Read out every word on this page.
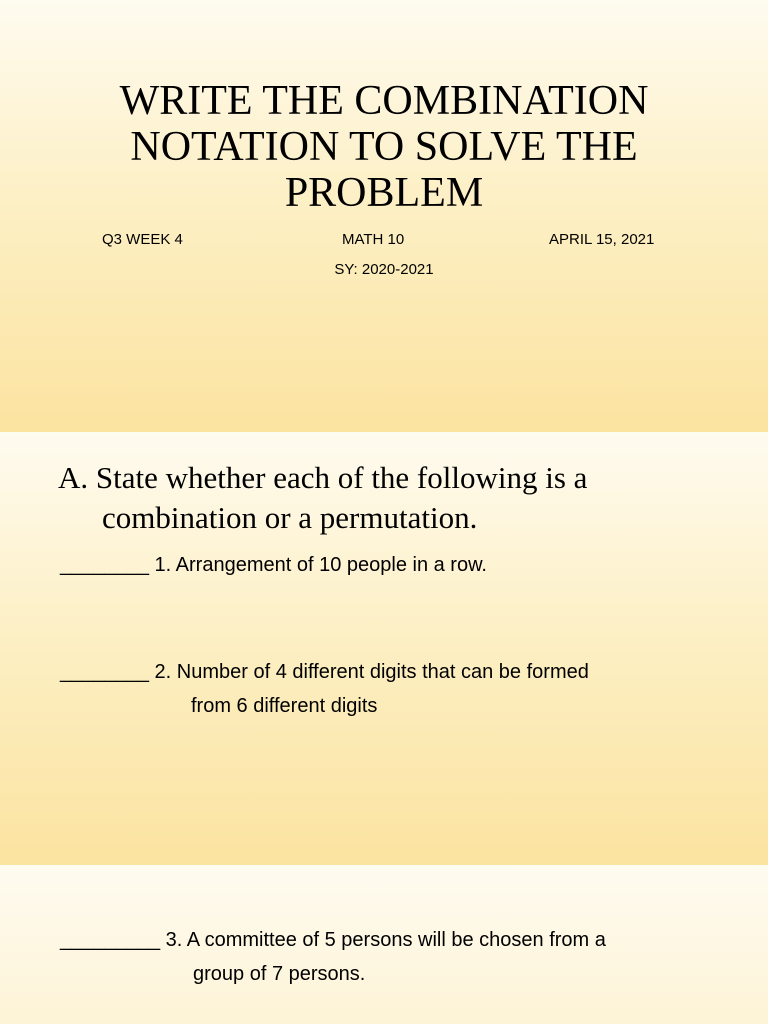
WRITE THE COMBINATION NOTATION TO SOLVE THE PROBLEM
Q3 WEEK 4	MATH 10	APRIL 15, 2021
SY: 2020-2021
A. State whether each of the following is a
combination or a permutation.
________ 1. Arrangement of 10 people in a row.
________ 2. Number of 4 different digits that can be formed
from 6 different digits
_________ 3. A committee of 5 persons will be chosen from a
group of 7 persons.
